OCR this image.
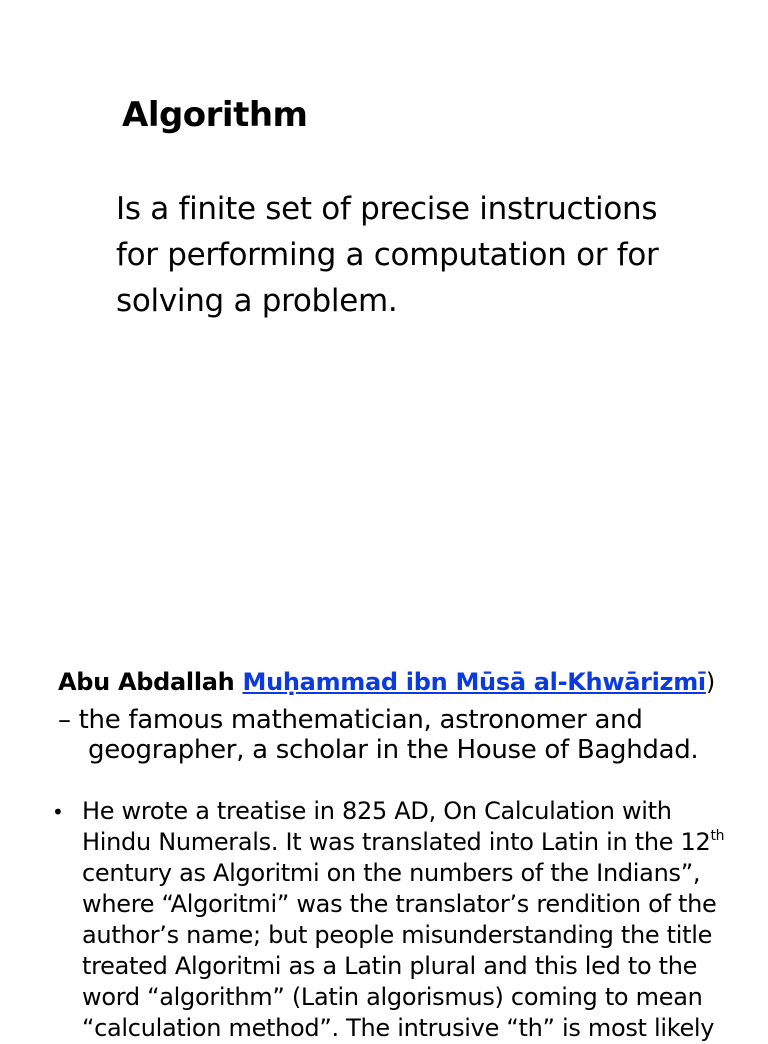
Algorithm
Is a finite set of precise instructions
for performing a computation or for
solving a problem.
Abu Abdallah Muḥammad ibn Mūsā al-Khwārizmī)
– the famous mathematician, astronomer and
geographer, a scholar in the House of Baghdad.
• He wrote a treatise in 825 AD, On Calculation with
Hindu Numerals. It was translated into Latin in the 12th
century as Algoritmi on the numbers of the Indians”,
where “Algoritmi” was the translator’s rendition of the
author’s name; but people misunderstanding the title
treated Algoritmi as a Latin plural and this led to the
word “algorithm” (Latin algorismus) coming to mean
“calculation method”. The intrusive “th” is most likely
